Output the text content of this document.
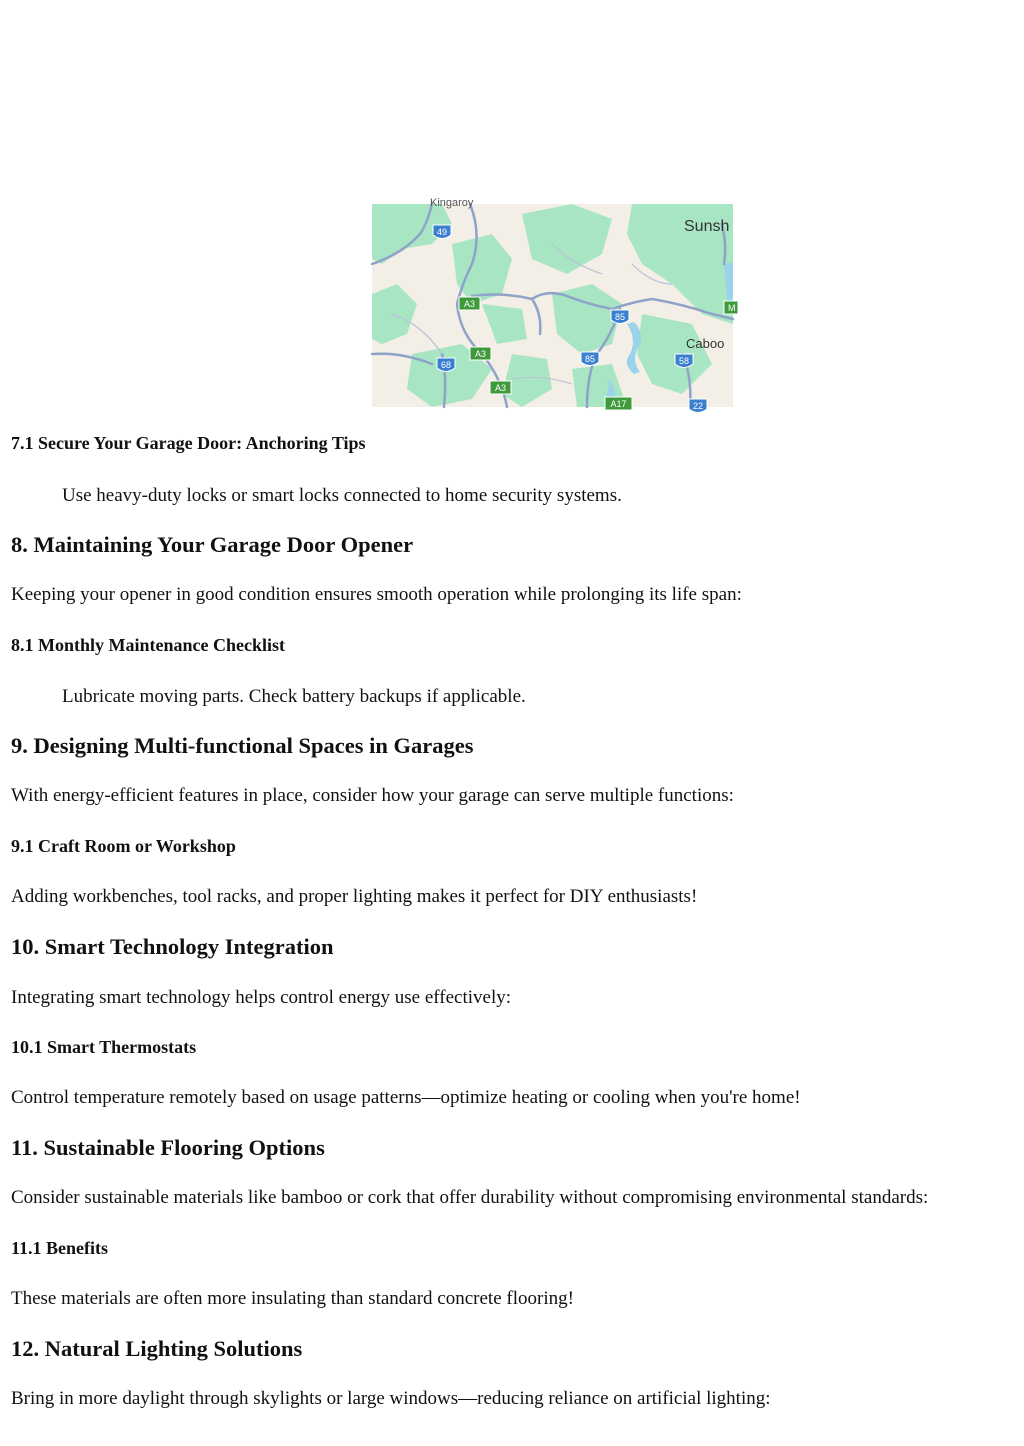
Kingaroy
Sunsh
Caboo
49
A3
A3
A3
85
85
68	58
A17	22
M
7.1 Secure Your Garage Door: Anchoring Tips
Use heavy-duty locks or smart locks connected to home security systems.
8. Maintaining Your Garage Door Opener
Keeping your opener in good condition ensures smooth operation while prolonging its life span:
8.1 Monthly Maintenance Checklist
Lubricate moving parts. Check battery backups if applicable.
9. Designing Multi-functional Spaces in Garages
With energy-efficient features in place, consider how your garage can serve multiple functions:
9.1 Craft Room or Workshop
Adding workbenches, tool racks, and proper lighting makes it perfect for DIY enthusiasts!
10. Smart Technology Integration
Integrating smart technology helps control energy use effectively:
10.1 Smart Thermostats
Control temperature remotely based on usage patterns—optimize heating or cooling when you're home!
11. Sustainable Flooring Options
Consider sustainable materials like bamboo or cork that offer durability without compromising environmental standards:
11.1 Benefits
These materials are often more insulating than standard concrete flooring!
12. Natural Lighting Solutions
Bring in more daylight through skylights or large windows—reducing reliance on artificial lighting:
